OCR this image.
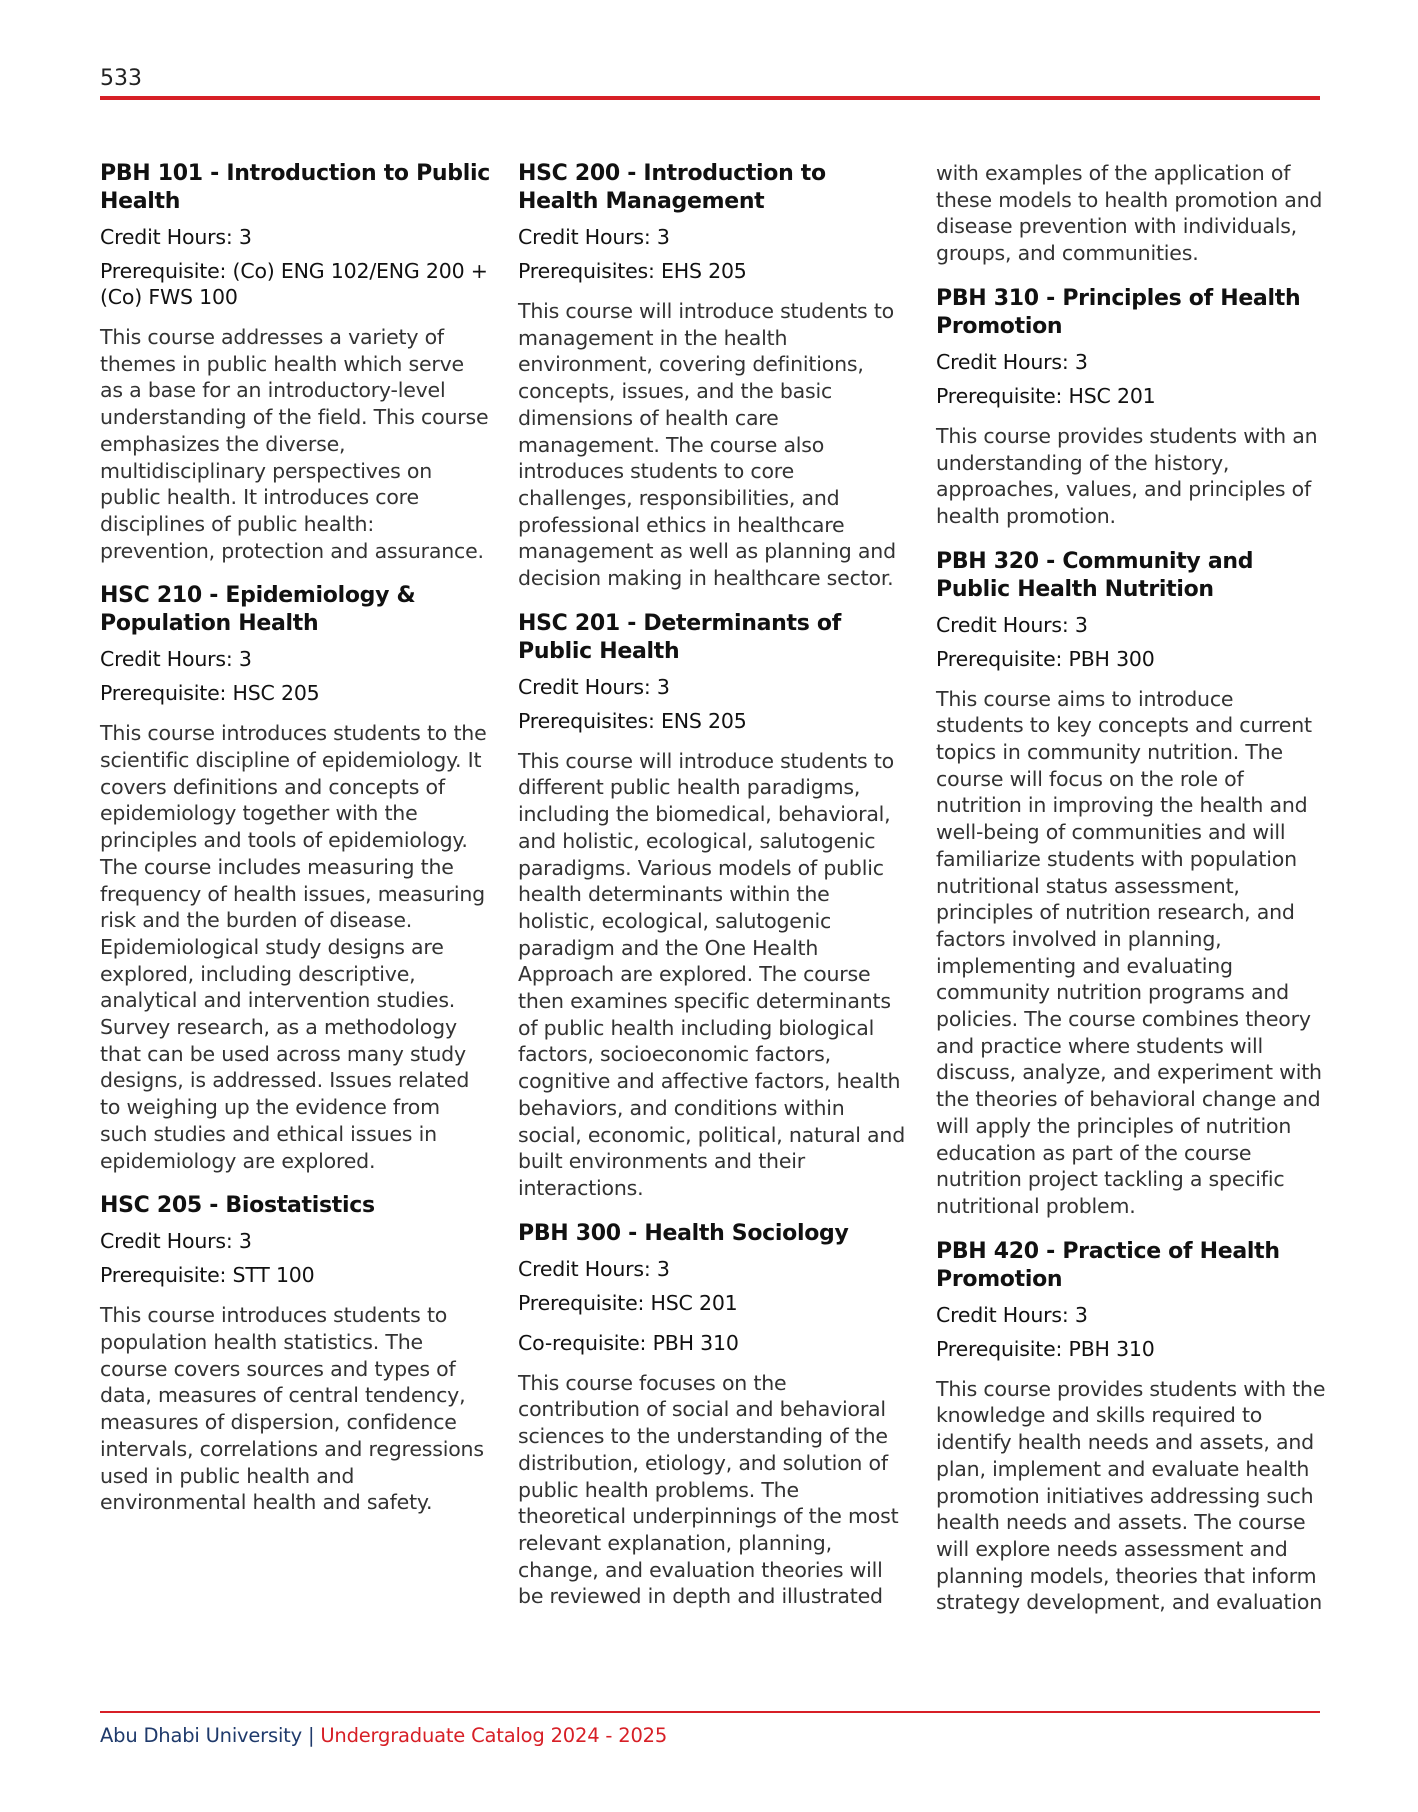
533
PBH 101 - Introduction to Public Health
Credit Hours: 3
Prerequisite: (Co) ENG 102/ENG 200 + (Co) FWS 100

This course addresses a variety of themes in public health which serve as a base for an introductory-level understanding of the field. This course emphasizes the diverse, multidisciplinary perspectives on public health. It introduces core disciplines of public health: prevention, protection and assurance.

HSC 210 - Epidemiology & Population Health
Credit Hours: 3
Prerequisite: HSC 205

This course introduces students to the scientific discipline of epidemiology. It covers definitions and concepts of epidemiology together with the principles and tools of epidemiology. The course includes measuring the frequency of health issues, measuring risk and the burden of disease. Epidemiological study designs are explored, including descriptive, analytical and intervention studies. Survey research, as a methodology that can be used across many study designs, is addressed. Issues related to weighing up the evidence from such studies and ethical issues in epidemiology are explored.

HSC 205 - Biostatistics
Credit Hours: 3
Prerequisite: STT 100

This course introduces students to population health statistics. The course covers sources and types of data, measures of central tendency, measures of dispersion, confidence intervals, correlations and regressions used in public health and environmental health and safety.

HSC 200 - Introduction to Health Management
Credit Hours: 3
Prerequisites: EHS 205

This course will introduce students to management in the health environment, covering definitions, concepts, issues, and the basic dimensions of health care management. The course also introduces students to core challenges, responsibilities, and professional ethics in healthcare management as well as planning and decision making in healthcare sector.

HSC 201 - Determinants of Public Health
Credit Hours: 3
Prerequisites: ENS 205

This course will introduce students to different public health paradigms, including the biomedical, behavioral, and holistic, ecological, salutogenic paradigms. Various models of public health determinants within the holistic, ecological, salutogenic paradigm and the One Health Approach are explored. The course then examines specific determinants of public health including biological factors, socioeconomic factors, cognitive and affective factors, health behaviors, and conditions within social, economic, political, natural and built environments and their interactions.

PBH 300 - Health Sociology
Credit Hours: 3
Prerequisite: HSC 201
Co-requisite: PBH 310

This course focuses on the contribution of social and behavioral sciences to the understanding of the distribution, etiology, and solution of public health problems. The theoretical underpinnings of the most relevant explanation, planning, change, and evaluation theories will be reviewed in depth and illustrated

with examples of the application of these models to health promotion and disease prevention with individuals, groups, and communities.

PBH 310 - Principles of Health Promotion
Credit Hours: 3
Prerequisite: HSC 201

This course provides students with an understanding of the history, approaches, values, and principles of health promotion.

PBH 320 - Community and Public Health Nutrition
Credit Hours: 3
Prerequisite: PBH 300

This course aims to introduce students to key concepts and current topics in community nutrition. The course will focus on the role of nutrition in improving the health and well-being of communities and will familiarize students with population nutritional status assessment, principles of nutrition research, and factors involved in planning, implementing and evaluating community nutrition programs and policies. The course combines theory and practice where students will discuss, analyze, and experiment with the theories of behavioral change and will apply the principles of nutrition education as part of the course nutrition project tackling a specific nutritional problem.

PBH 420 - Practice of Health Promotion
Credit Hours: 3
Prerequisite: PBH 310

This course provides students with the knowledge and skills required to identify health needs and assets, and plan, implement and evaluate health promotion initiatives addressing such health needs and assets. The course will explore needs assessment and planning models, theories that inform strategy development, and evaluation

Abu Dhabi University | Undergraduate Catalog 2024 - 2025
